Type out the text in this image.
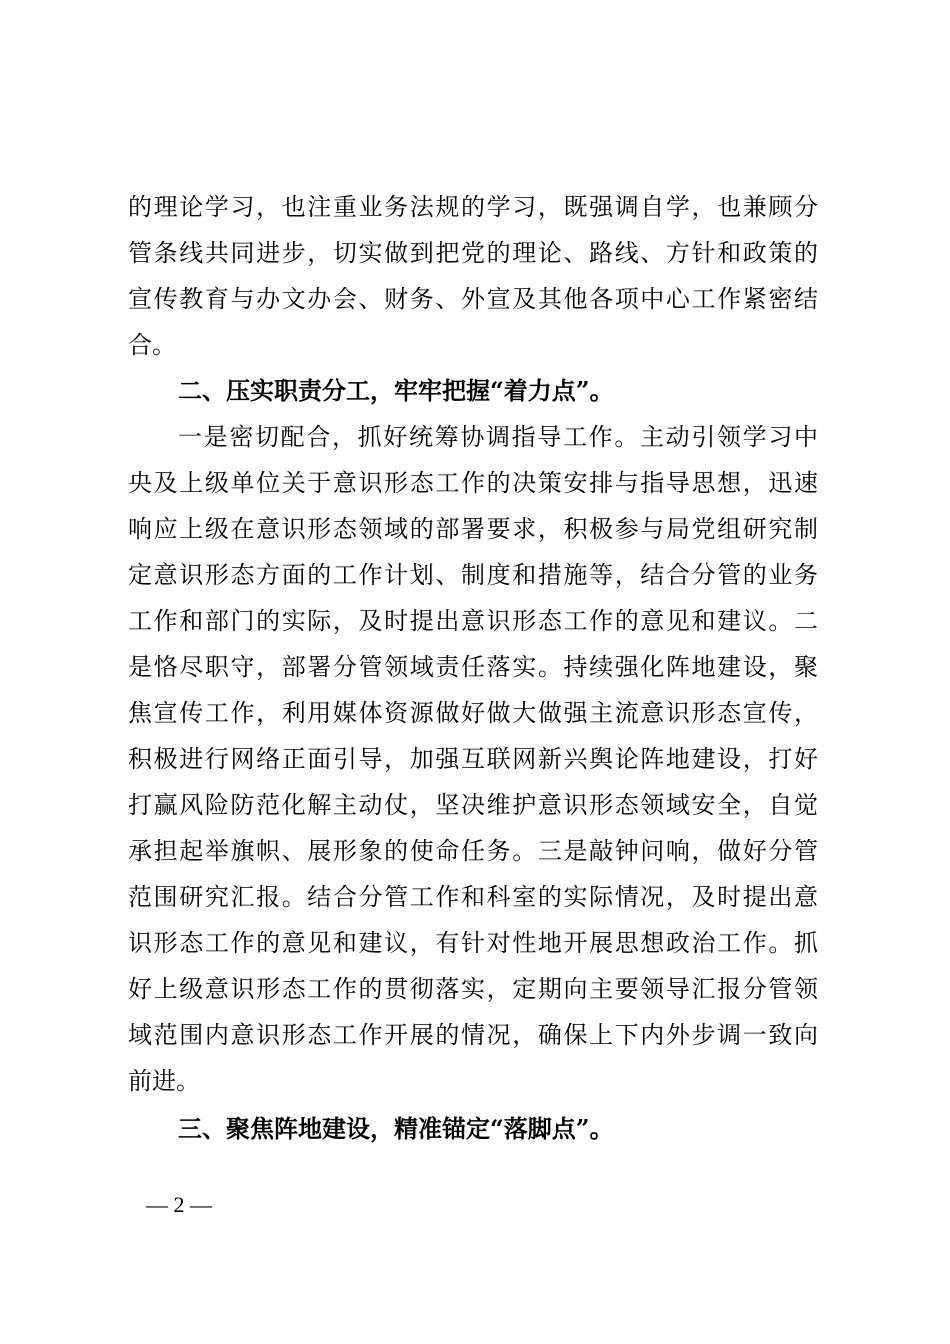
的理论学习，也注重业务法规的学习，既强调自学，也兼顾分
管条线共同进步，切实做到把党的理论、路线、方针和政策的
宣传教育与办文办会、财务、外宣及其他各项中心工作紧密结
合。
二、压实职责分工，牢牢把握“着力点”。
一是密切配合，抓好统筹协调指导工作。主动引领学习中
央及上级单位关于意识形态工作的决策安排与指导思想，迅速
响应上级在意识形态领域的部署要求，积极参与局党组研究制
定意识形态方面的工作计划、制度和措施等，结合分管的业务
工作和部门的实际，及时提出意识形态工作的意见和建议。二
是恪尽职守，部署分管领域责任落实。持续强化阵地建设，聚
焦宣传工作，利用媒体资源做好做大做强主流意识形态宣传，
积极进行网络正面引导，加强互联网新兴舆论阵地建设，打好
打赢风险防范化解主动仗，坚决维护意识形态领域安全，自觉
承担起举旗帜、展形象的使命任务。三是敲钟问响，做好分管
范围研究汇报。结合分管工作和科室的实际情况，及时提出意
识形态工作的意见和建议，有针对性地开展思想政治工作。抓
好上级意识形态工作的贯彻落实，定期向主要领导汇报分管领
域范围内意识形态工作开展的情况，确保上下内外步调一致向
前进。
三、聚焦阵地建设，精准锚定“落脚点”。
— 2 —
